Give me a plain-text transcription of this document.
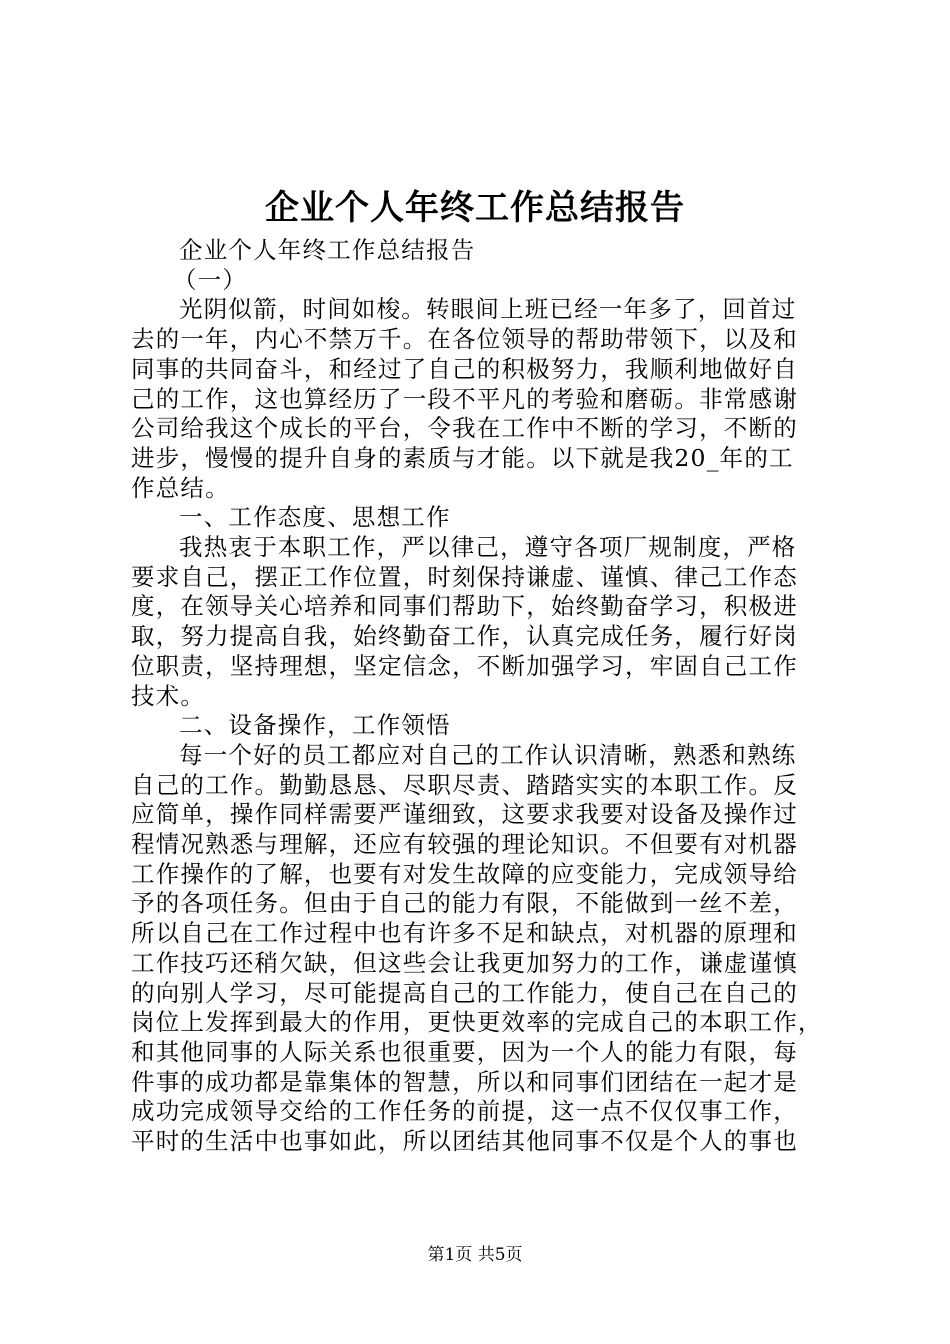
企业个人年终工作总结报告
企业个人年终工作总结报告
（一）
光阴似箭，时间如梭。转眼间上班已经一年多了，回首过
去的一年，内心不禁万千。在各位领导的帮助带领下，以及和
同事的共同奋斗，和经过了自己的积极努力，我顺利地做好自
己的工作，这也算经历了一段不平凡的考验和磨砺。非常感谢
公司给我这个成长的平台，令我在工作中不断的学习，不断的
进步，慢慢的提升自身的素质与才能。以下就是我20_年的工
作总结。
一、工作态度、思想工作
我热衷于本职工作，严以律己，遵守各项厂规制度，严格
要求自己，摆正工作位置，时刻保持谦虚、谨慎、律己工作态
度，在领导关心培养和同事们帮助下，始终勤奋学习，积极进
取，努力提高自我，始终勤奋工作，认真完成任务，履行好岗
位职责，坚持理想，坚定信念，不断加强学习，牢固自己工作
技术。
二、设备操作，工作领悟
每一个好的员工都应对自己的工作认识清晰，熟悉和熟练
自己的工作。勤勤恳恳、尽职尽责、踏踏实实的本职工作。反
应简单，操作同样需要严谨细致，这要求我要对设备及操作过
程情况熟悉与理解，还应有较强的理论知识。不但要有对机器
工作操作的了解，也要有对发生故障的应变能力，完成领导给
予的各项任务。但由于自己的能力有限，不能做到一丝不差，
所以自己在工作过程中也有许多不足和缺点，对机器的原理和
工作技巧还稍欠缺，但这些会让我更加努力的工作，谦虚谨慎
的向别人学习，尽可能提高自己的工作能力，使自己在自己的
岗位上发挥到最大的作用，更快更效率的完成自己的本职工作，
和其他同事的人际关系也很重要，因为一个人的能力有限，每
件事的成功都是靠集体的智慧，所以和同事们团结在一起才是
成功完成领导交给的工作任务的前提，这一点不仅仅事工作，
平时的生活中也事如此，所以团结其他同事不仅是个人的事也
第1页 共5页
